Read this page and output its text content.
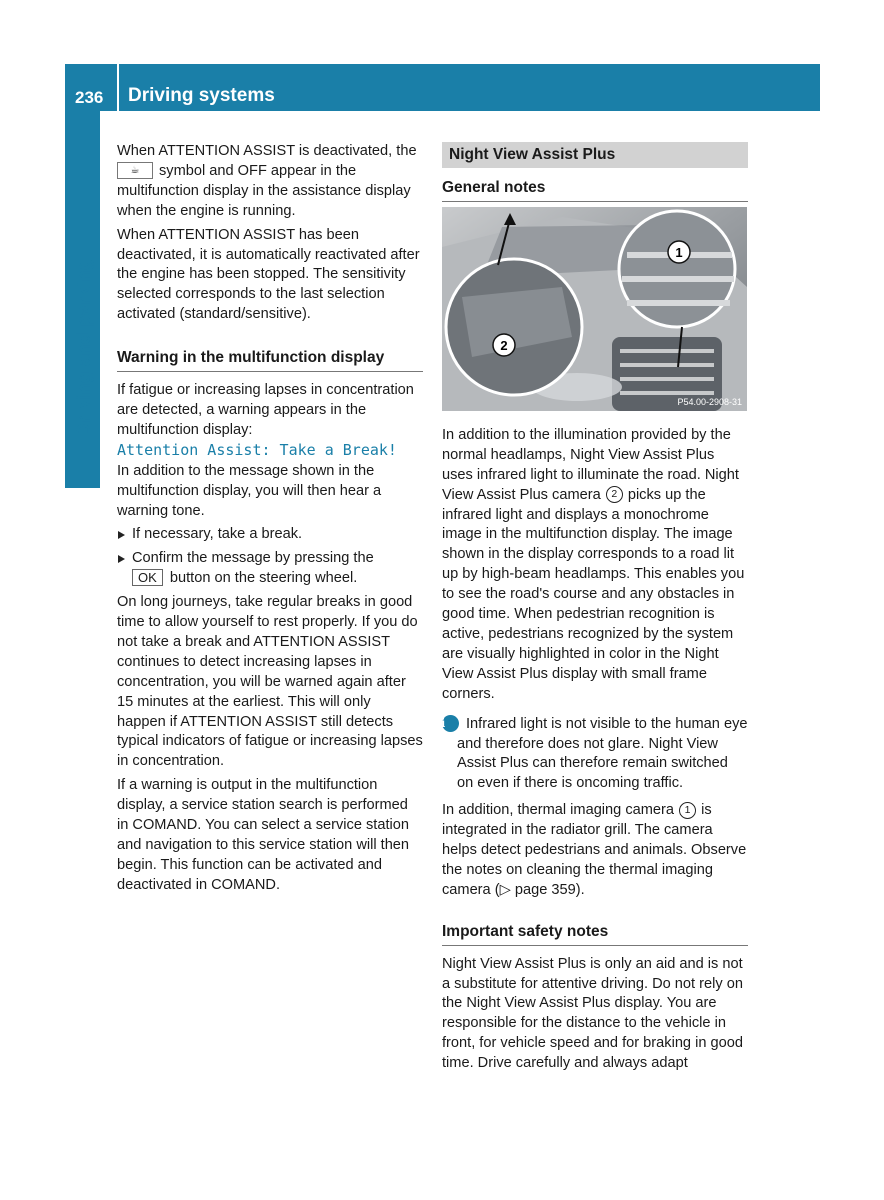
236 Driving systems
Driving and parking

When ATTENTION ASSIST is deactivated, the ☕ symbol and OFF appear in the multifunction display in the assistance display when the engine is running.

When ATTENTION ASSIST has been deactivated, it is automatically reactivated after the engine has been stopped. The sensitivity selected corresponds to the last selection activated (standard/sensitive).

Warning in the multifunction display

If fatigue or increasing lapses in concentration are detected, a warning appears in the multifunction display:
Attention Assist: Take a Break!

In addition to the message shown in the multifunction display, you will then hear a warning tone.

If necessary, take a break.

Confirm the message by pressing the
OK button on the steering wheel.

On long journeys, take regular breaks in good time to allow yourself to rest properly. If you do not take a break and ATTENTION ASSIST continues to detect increasing lapses in concentration, you will be warned again after 15 minutes at the earliest. This will only happen if ATTENTION ASSIST still detects typical indicators of fatigue or increasing lapses in concentration.

If a warning is output in the multifunction display, a service station search is performed in COMAND. You can select a service station and navigation to this service station will then begin. This function can be activated and deactivated in COMAND.

Night View Assist Plus
General notes
1
2
P54.00-2908-31

In addition to the illumination provided by the normal headlamps, Night View Assist Plus uses infrared light to illuminate the road. Night View Assist Plus camera 2 picks up the infrared light and displays a monochrome image in the multifunction display. The image shown in the display corresponds to a road lit up by high-beam headlamps. This enables you to see the road's course and any obstacles in good time. When pedestrian recognition is active, pedestrians recognized by the system are visually highlighted in color in the Night View Assist Plus display with small frame corners.

i Infrared light is not visible to the human eye and therefore does not glare. Night View Assist Plus can therefore remain switched on even if there is oncoming traffic.

In addition, thermal imaging camera 1 is integrated in the radiator grill. The camera helps detect pedestrians and animals. Observe the notes on cleaning the thermal imaging camera (▷ page 359).

Important safety notes

Night View Assist Plus is only an aid and is not a substitute for attentive driving. Do not rely on the Night View Assist Plus display. You are responsible for the distance to the vehicle in front, for vehicle speed and for braking in good time. Drive carefully and always adapt
